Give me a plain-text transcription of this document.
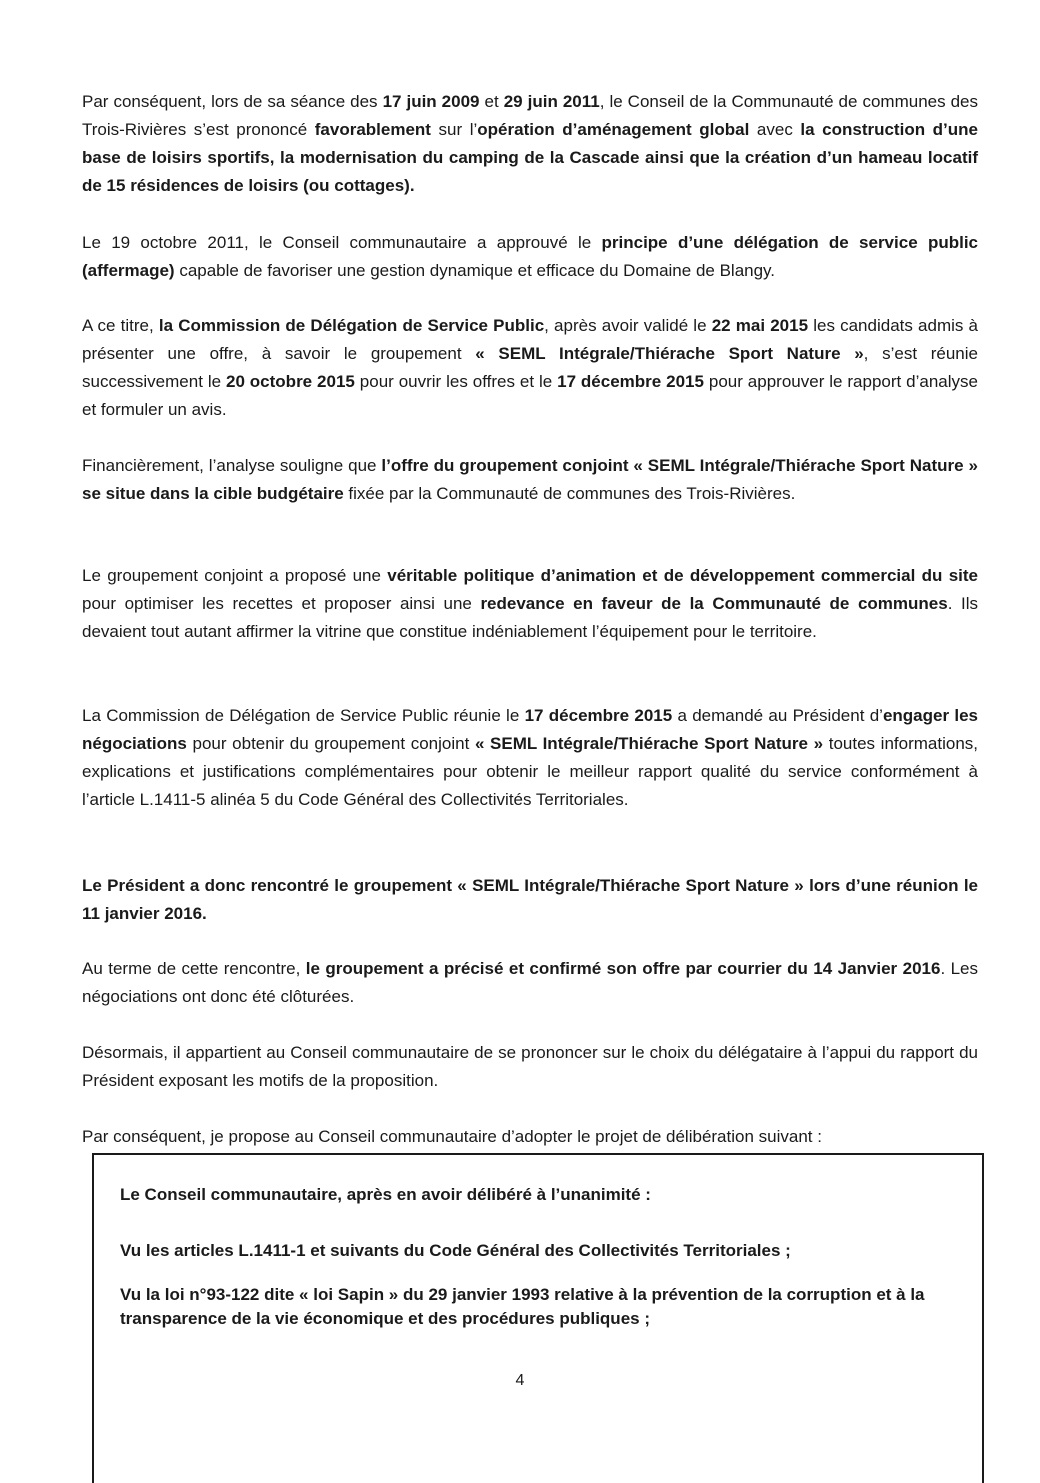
Par conséquent, lors de sa séance des 17 juin 2009 et 29 juin 2011, le Conseil de la Communauté de communes des Trois-Rivières s’est prononcé favorablement sur l’opération d’aménagement global avec la construction d’une base de loisirs sportifs, la modernisation du camping de la Cascade ainsi que la création d’un hameau locatif de 15 résidences de loisirs (ou cottages).

Le 19 octobre 2011, le Conseil communautaire a approuvé le principe d’une délégation de service public (affermage) capable de favoriser une gestion dynamique et efficace du Domaine de Blangy.

A ce titre, la Commission de Délégation de Service Public, après avoir validé le 22 mai 2015 les candidats admis à présenter une offre, à savoir le groupement « SEML Intégrale/Thiérache Sport Nature », s’est réunie successivement le 20 octobre 2015 pour ouvrir les offres et le 17 décembre 2015 pour approuver le rapport d’analyse et formuler un avis.

Financièrement, l’analyse souligne que l’offre du groupement conjoint « SEML Intégrale/Thiérache Sport Nature » se situe dans la cible budgétaire fixée par la Communauté de communes des Trois-Rivières.

Le groupement conjoint a proposé une véritable politique d’animation et de développement commercial du site pour optimiser les recettes et proposer ainsi une redevance en faveur de la Communauté de communes. Ils devaient tout autant affirmer la vitrine que constitue indéniablement l’équipement pour le territoire.

La Commission de Délégation de Service Public réunie le 17 décembre 2015 a demandé au Président d’engager les négociations pour obtenir du groupement conjoint « SEML Intégrale/Thiérache Sport Nature » toutes informations, explications et justifications complémentaires pour obtenir le meilleur rapport qualité du service conformément à l’article L.1411-5 alinéa 5 du Code Général des Collectivités Territoriales.

Le Président a donc rencontré le groupement « SEML Intégrale/Thiérache Sport Nature » lors d’une réunion le 11 janvier 2016.

Au terme de cette rencontre, le groupement a précisé et confirmé son offre par courrier du 14 Janvier 2016. Les négociations ont donc été clôturées.

Désormais, il appartient au Conseil communautaire de se prononcer sur le choix du délégataire à l’appui du rapport du Président exposant les motifs de la proposition.

Par conséquent, je propose au Conseil communautaire d’adopter le projet de délibération suivant :

Le Conseil communautaire, après en avoir délibéré à l’unanimité :

Vu les articles L.1411-1 et suivants du Code Général des Collectivités Territoriales ;

Vu la loi n°93-122 dite « loi Sapin » du 29 janvier 1993 relative à la prévention de la corruption et à la transparence de la vie économique et des procédures publiques ;

4
